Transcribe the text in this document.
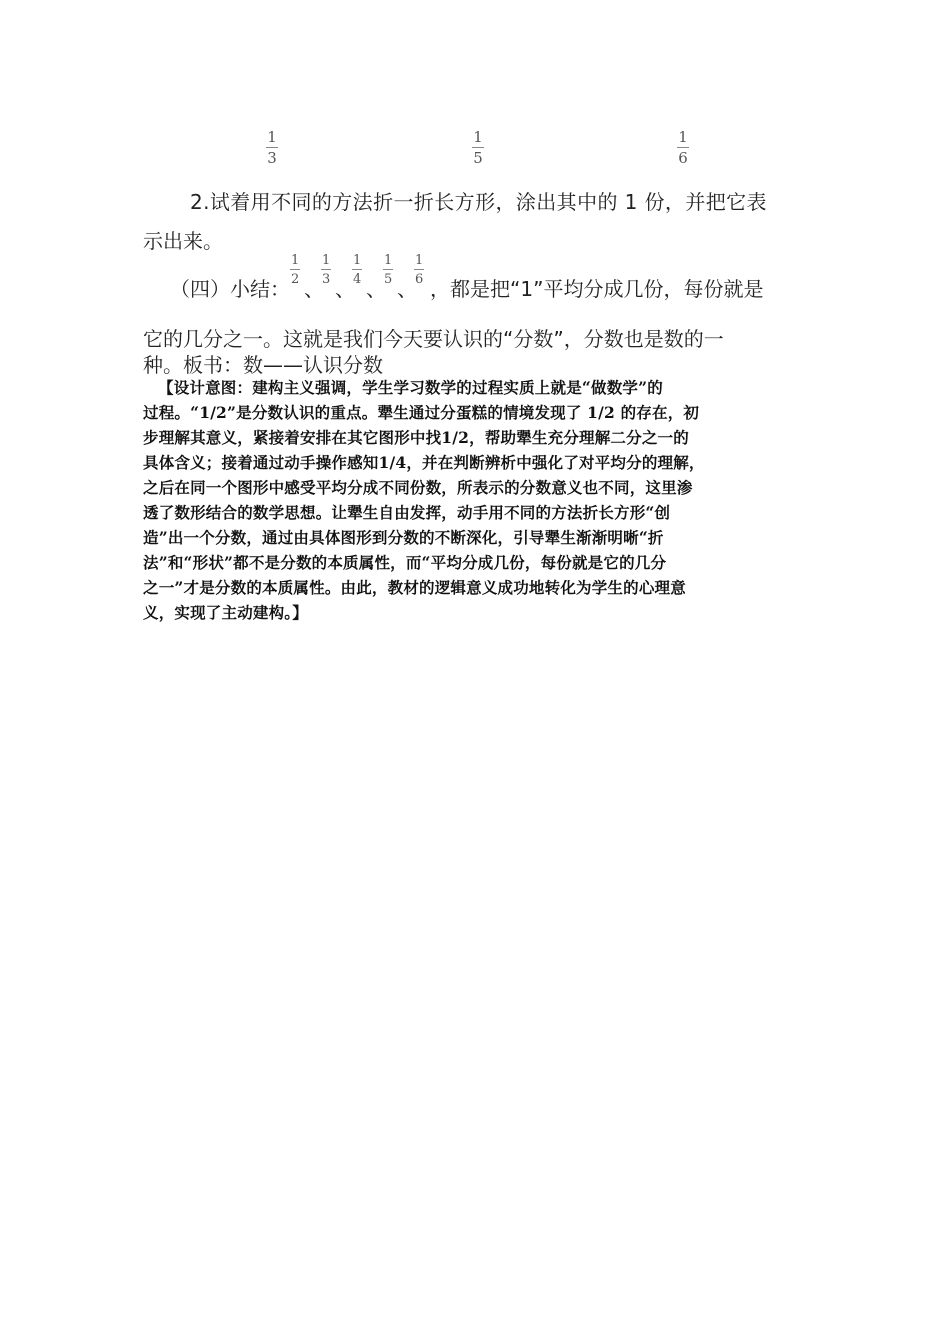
1
3
1
5
1
6
2.试着用不同的方法折一折长方形，涂出其中的 1 份，并把它表
示出来。
（四）小结：
1
2 、
1
3 、
1
4 、
1
5 、
1
6 ，都是把“1”平均分成几份，每份就是
它的几分之一。这就是我们今天要认识的“分数”，分数也是数的一
种。板书：数——认识分数
【设计意图：建构主义强调，学生学习数学的过程实质上就是“做数学”的
过程。“1/2”是分数认识的重点。犟生通过分蛋糕的情境发现了 1/2 的存在，初
步理解其意义，紧接着安排在其它图形中找1/2，帮助犟生充分理解二分之一的
具体含义；接着通过动手操作感知1/4，并在判断辨析中强化了对平均分的理解，
之后在同一个图形中感受平均分成不同份数，所表示的分数意义也不同，这里渗
透了数形结合的数学思想。让犟生自由发挥，动手用不同的方法折长方形“创
造”出一个分数，通过由具体图形到分数的不断深化，引导犟生渐渐明晰“折
法”和“形状”都不是分数的本质属性，而“平均分成几份，每份就是它的几分
之一”才是分数的本质属性。由此，教材的逻辑意义成功地转化为学生的心理意
义，实现了主动建构。】
